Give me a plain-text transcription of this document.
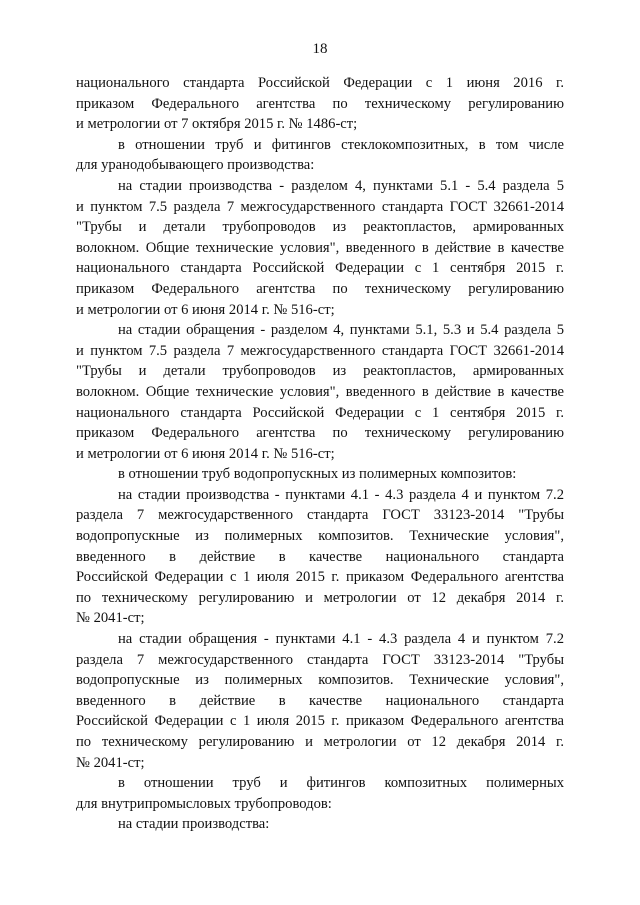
18
национального стандарта Российской Федерации с 1 июня 2016 г.
приказом Федерального агентства по техническому регулированию
и метрологии от 7 октября 2015 г. № 1486-ст;
в отношении труб и фитингов стеклокомпозитных, в том числе
для уранодобывающего производства:
на стадии производства - разделом 4, пунктами 5.1 - 5.4 раздела 5
и пунктом 7.5 раздела 7 межгосударственного стандарта ГОСТ 32661-2014
"Трубы и детали трубопроводов из реактопластов, армированных
волокном. Общие технические условия", введенного в действие в качестве
национального стандарта Российской Федерации с 1 сентября 2015 г.
приказом Федерального агентства по техническому регулированию
и метрологии от 6 июня 2014 г. № 516-ст;
на стадии обращения - разделом 4, пунктами 5.1, 5.3 и 5.4 раздела 5
и пунктом 7.5 раздела 7 межгосударственного стандарта ГОСТ 32661-2014
"Трубы и детали трубопроводов из реактопластов, армированных
волокном. Общие технические условия", введенного в действие в качестве
национального стандарта Российской Федерации с 1 сентября 2015 г.
приказом Федерального агентства по техническому регулированию
и метрологии от 6 июня 2014 г. № 516-ст;
в отношении труб водопропускных из полимерных композитов:
на стадии производства - пунктами 4.1 - 4.3 раздела 4 и пунктом 7.2
раздела 7 межгосударственного стандарта ГОСТ 33123-2014 "Трубы
водопропускные из полимерных композитов. Технические условия",
введенного в действие в качестве национального стандарта
Российской Федерации с 1 июля 2015 г. приказом Федерального агентства
по техническому регулированию и метрологии от 12 декабря 2014 г.
№ 2041-ст;
на стадии обращения - пунктами 4.1 - 4.3 раздела 4 и пунктом 7.2
раздела 7 межгосударственного стандарта ГОСТ 33123-2014 "Трубы
водопропускные из полимерных композитов. Технические условия",
введенного в действие в качестве национального стандарта
Российской Федерации с 1 июля 2015 г. приказом Федерального агентства
по техническому регулированию и метрологии от 12 декабря 2014 г.
№ 2041-ст;
в отношении труб и фитингов композитных полимерных
для внутрипромысловых трубопроводов:
на стадии производства:
